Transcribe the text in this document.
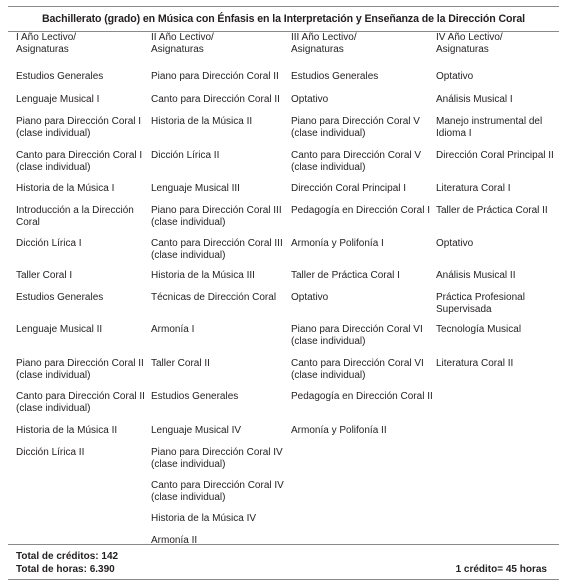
Bachillerato (grado) en Música con Énfasis en la Interpretación y Enseñanza de la Dirección Coral
I Año Lectivo/
Asignaturas
Estudios Generales
Lenguaje Musical I
Piano para Dirección Coral I
(clase individual)
Canto para Dirección Coral I
(clase individual)
Historia de la Música I
Introducción a la Dirección
Coral
Dicción Lírica I
Taller Coral I
Estudios Generales
Lenguaje Musical II
Piano para Dirección Coral II
(clase individual)
Canto para Dirección Coral II
(clase individual)
Historia de la Música II
Dicción Lírica II
II Año Lectivo/
Asignaturas
Piano para Dirección Coral II
Canto para Dirección Coral II
Historia de la Música II
Dicción Lírica II
Lenguaje Musical III
Piano para Dirección Coral III
(clase individual)
Canto para Dirección Coral III
(clase individual)
Historia de la Música III
Técnicas de Dirección Coral
Armonía I
Taller Coral II
Estudios Generales
Lenguaje Musical IV
Piano para Dirección Coral IV
(clase individual)
Canto para Dirección Coral IV
(clase individual)
Historia de la Música IV
Armonía II
III Año Lectivo/
Asignaturas
Estudios Generales
Optativo
Piano para Dirección Coral V
(clase individual)
Canto para Dirección Coral V
(clase individual)
Dirección Coral Principal I
Pedagogía en Dirección Coral I
Armonía y Polifonía I
Taller de Práctica Coral I
Optativo
Piano para Dirección Coral VI
(clase individual)
Canto para Dirección Coral VI
(clase individual)
Pedagogía en Dirección Coral II
Armonía y Polifonía II
IV Año Lectivo/
Asignaturas
Optativo
Análisis Musical I
Manejo instrumental del
Idioma I
Dirección Coral Principal II
Literatura Coral I
Taller de Práctica Coral II
Optativo
Análisis Musical II
Práctica Profesional
Supervisada
Tecnología Musical
Literatura Coral II
Total de créditos: 142
Total de horas: 6.390	1 crédito= 45 horas
